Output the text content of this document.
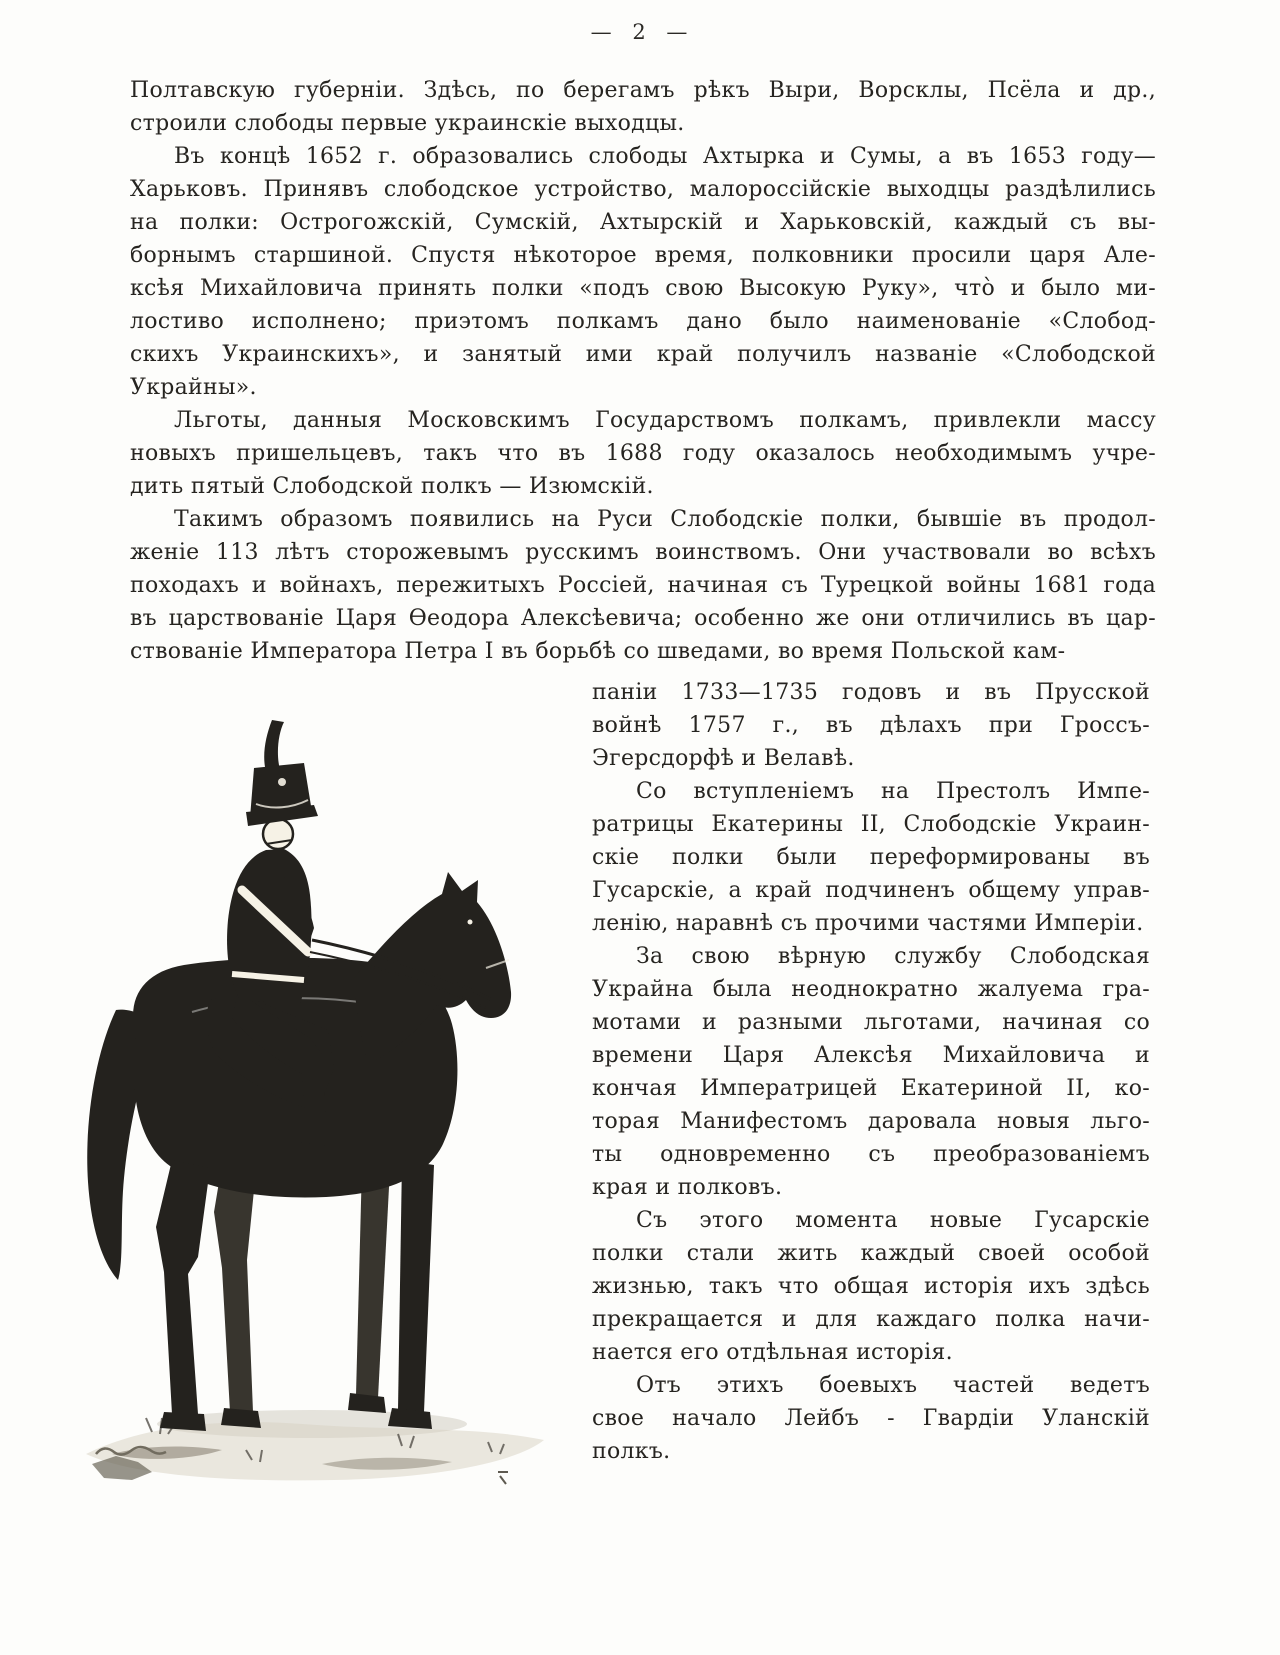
— 2 —
Полтавскую губерніи. Здѣсь, по берегамъ рѣкъ Выри, Ворсклы, Псёла и др.,
строили слободы первые украинскіе выходцы.
Въ концѣ 1652 г. образовались слободы Ахтырка и Сумы, а въ 1653 году—
Харьковъ. Принявъ слободское устройство, малороссійскіе выходцы раздѣлились
на полки: Острогожскій, Сумскій, Ахтырскій и Харьковскій, каждый съ вы-
борнымъ старшиной. Спустя нѣкоторое время, полковники просили царя Але-
ксѣя Михайловича принять полки «подъ свою Высокую Руку», что̀ и было ми-
лостиво исполнено; приэтомъ полкамъ дано было наименованіе «Слобод-
скихъ Украинскихъ», и занятый ими край получилъ названіе «Слободской
Украйны».
Льготы, данныя Московскимъ Государствомъ полкамъ, привлекли массу
новыхъ пришельцевъ, такъ что въ 1688 году оказалось необходимымъ учре-
дить пятый Слободской полкъ — Изюмскій.
Такимъ образомъ появились на Руси Слободскіе полки, бывшіе въ продол-
женіе 113 лѣтъ сторожевымъ русскимъ воинствомъ. Они участвовали во всѣхъ
походахъ и войнахъ, пережитыхъ Россіей, начиная съ Турецкой войны 1681 года
въ царствованіе Царя Ѳеодора Алексѣевича; особенно же они отличились въ цар-
ствованіе Императора Петра I въ борьбѣ со шведами, во время Польской кам-
паніи 1733—1735 годовъ и въ Прусской
войнѣ 1757 г., въ дѣлахъ при Гроссъ-
Эгерсдорфѣ и Велавѣ.
Со вступленіемъ на Престолъ Импе-
ратрицы Екатерины II, Слободскіе Украин-
скіе полки были переформированы въ
Гусарскіе, а край подчиненъ общему управ-
ленію, наравнѣ съ прочими частями Имперіи.
За свою вѣрную службу Слободская
Украйна была неоднократно жалуема гра-
мотами и разными льготами, начиная со
времени Царя Алексѣя Михайловича и
кончая Императрицей Екатериной II, ко-
торая Манифестомъ даровала новыя льго-
ты одновременно съ преобразованіемъ
края и полковъ.
Съ этого момента новые Гусарскіе
полки стали жить каждый своей особой
жизнью, такъ что общая исторія ихъ здѣсь
прекращается и для каждаго полка начи-
нается его отдѣльная исторія.
Отъ этихъ боевыхъ частей ведетъ
свое начало Лейбъ - Гвардіи Уланскій
полкъ.
